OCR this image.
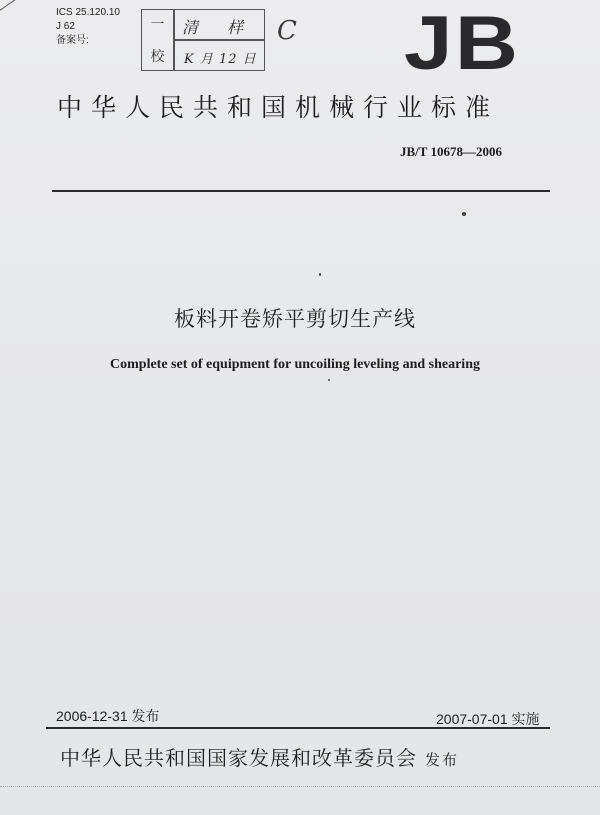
ICS 25.120.10
J 62
备案号:
一
校
清 样
K 月 12 日
C JB
中华人民共和国机械行业标准
JB/T 10678—2006
板料开卷矫平剪切生产线
Complete set of equipment for uncoiling leveling and shearing
2006-12-31 发布	2007-07-01 实施
中华人民共和国国家发展和改革委员会 发布
